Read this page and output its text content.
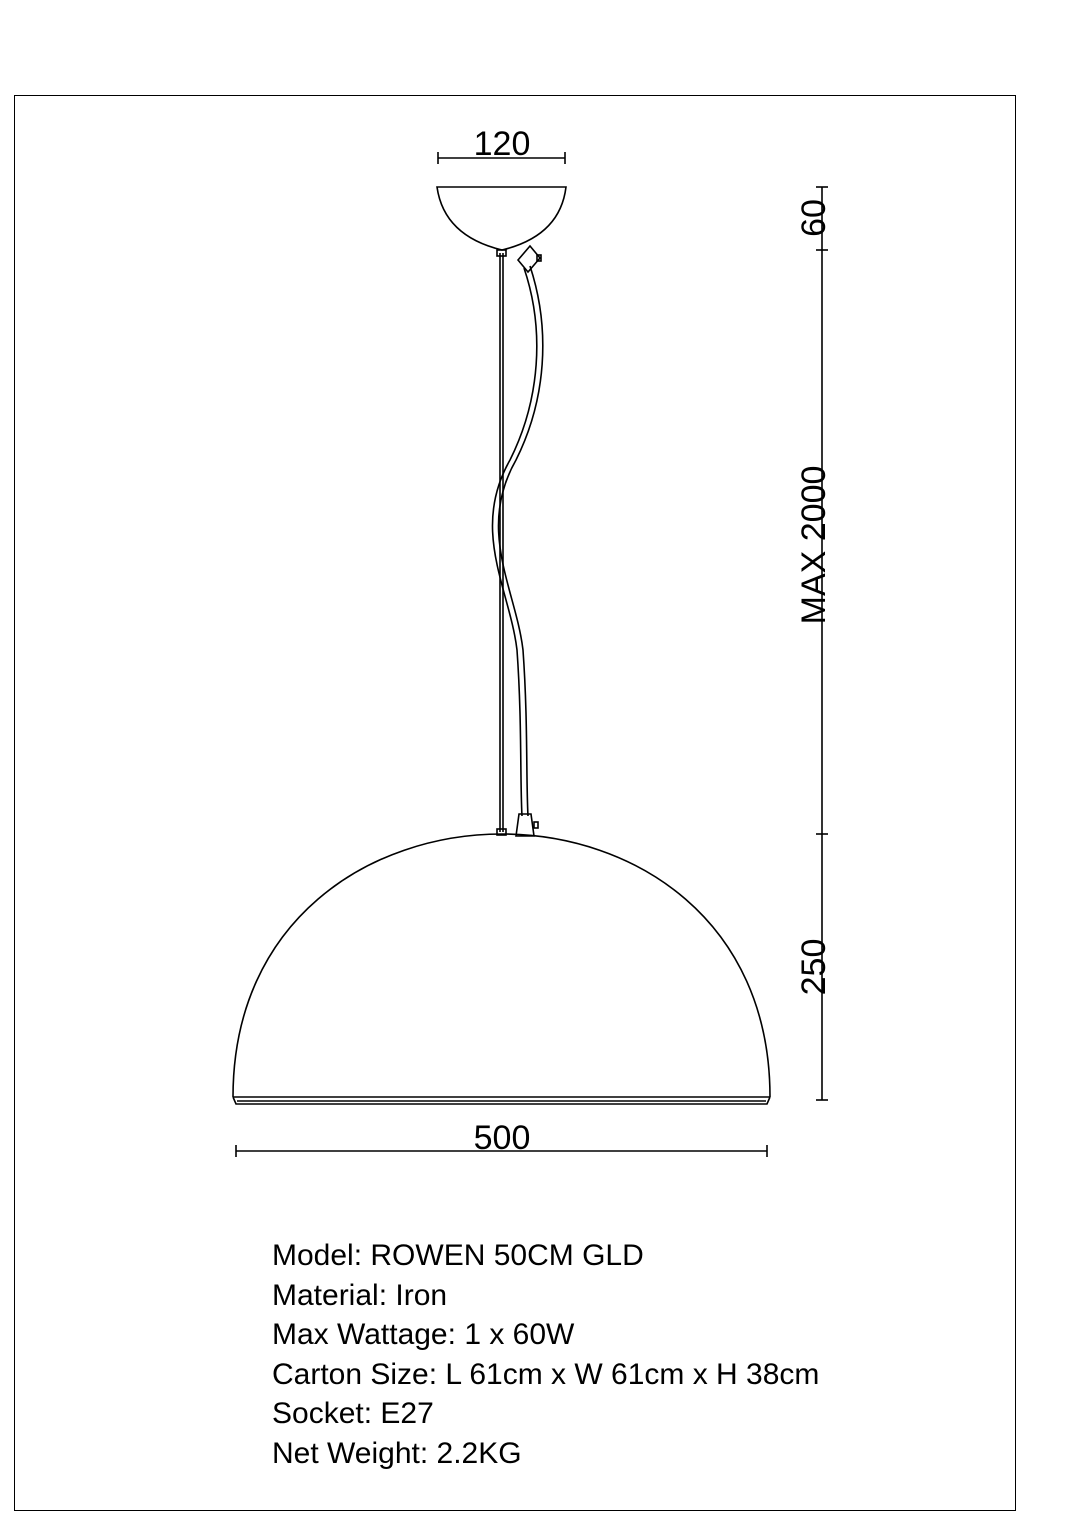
120
500
60
MAX 2000
250
Model: ROWEN 50CM GLD
Material: Iron
Max Wattage: 1 x 60W
Carton Size: L 61cm x W 61cm x H 38cm
Socket: E27
Net Weight: 2.2KG
